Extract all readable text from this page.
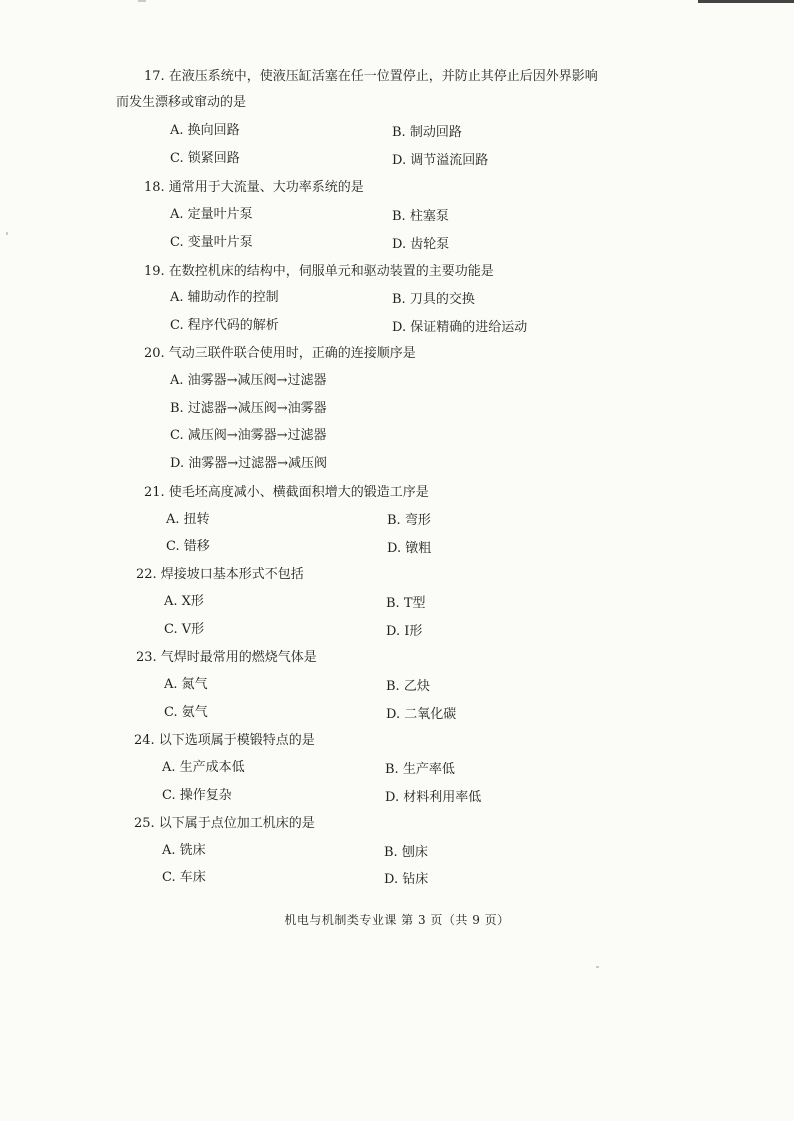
17. 在液压系统中，使液压缸活塞在任一位置停止，并防止其停止后因外界影响
而发生漂移或窜动的是
A. 换向回路	B. 制动回路
C. 锁紧回路	D. 调节溢流回路
18. 通常用于大流量、大功率系统的是
A. 定量叶片泵	B. 柱塞泵
C. 变量叶片泵	D. 齿轮泵
19. 在数控机床的结构中，伺服单元和驱动装置的主要功能是
A. 辅助动作的控制	B. 刀具的交换
C. 程序代码的解析	D. 保证精确的进给运动
20. 气动三联件联合使用时，正确的连接顺序是
A. 油雾器→减压阀→过滤器
B. 过滤器→减压阀→油雾器
C. 减压阀→油雾器→过滤器
D. 油雾器→过滤器→减压阀
21. 使毛坯高度减小、横截面积增大的锻造工序是
A. 扭转	B. 弯形
C. 错移	D. 镦粗
22. 焊接坡口基本形式不包括
A. X形	B. T型
C. V形	D. I形
23. 气焊时最常用的燃烧气体是
A. 氮气	B. 乙炔
C. 氨气	D. 二氧化碳
24. 以下选项属于模锻特点的是
A. 生产成本低	B. 生产率低
C. 操作复杂	D. 材料利用率低
25. 以下属于点位加工机床的是
A. 铣床	B. 刨床
C. 车床	D. 钻床
机电与机制类专业课 第 3 页（共 9 页）
